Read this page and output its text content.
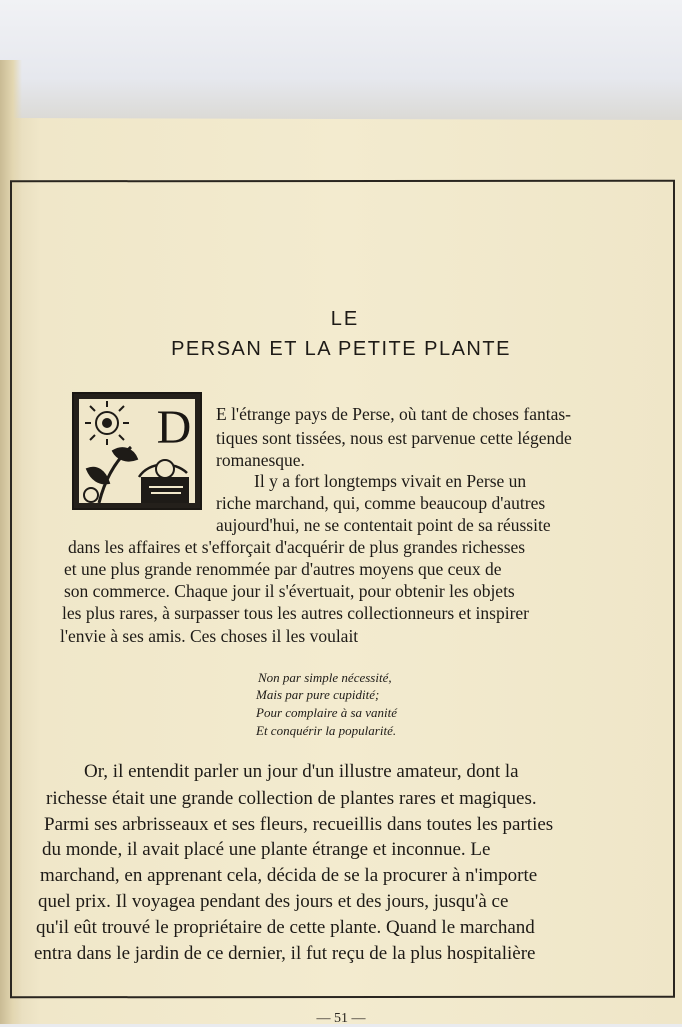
LE
PERSAN ET LA PETITE PLANTE
D	E l'étrange pays de Perse, où tant de choses fantas-
tiques sont tissées, nous est parvenue cette légende
romanesque.
Il y a fort longtemps vivait en Perse un
riche marchand, qui, comme beaucoup d'autres
aujourd'hui, ne se contentait point de sa réussite
dans les affaires et s'efforçait d'acquérir de plus grandes richesses
et une plus grande renommée par d'autres moyens que ceux de
son commerce. Chaque jour il s'évertuait, pour obtenir les objets
les plus rares, à surpasser tous les autres collectionneurs et inspirer
l'envie à ses amis. Ces choses il les voulait
Non par simple nécessité,
Mais par pure cupidité;
Pour complaire à sa vanité
Et conquérir la popularité.
Or, il entendit parler un jour d'un illustre amateur, dont la
richesse était une grande collection de plantes rares et magiques.
Parmi ses arbrisseaux et ses fleurs, recueillis dans toutes les parties
du monde, il avait placé une plante étrange et inconnue. Le
marchand, en apprenant cela, décida de se la procurer à n'importe
quel prix. Il voyagea pendant des jours et des jours, jusqu'à ce
qu'il eût trouvé le propriétaire de cette plante. Quand le marchand
entra dans le jardin de ce dernier, il fut reçu de la plus hospitalière
— 51 —
